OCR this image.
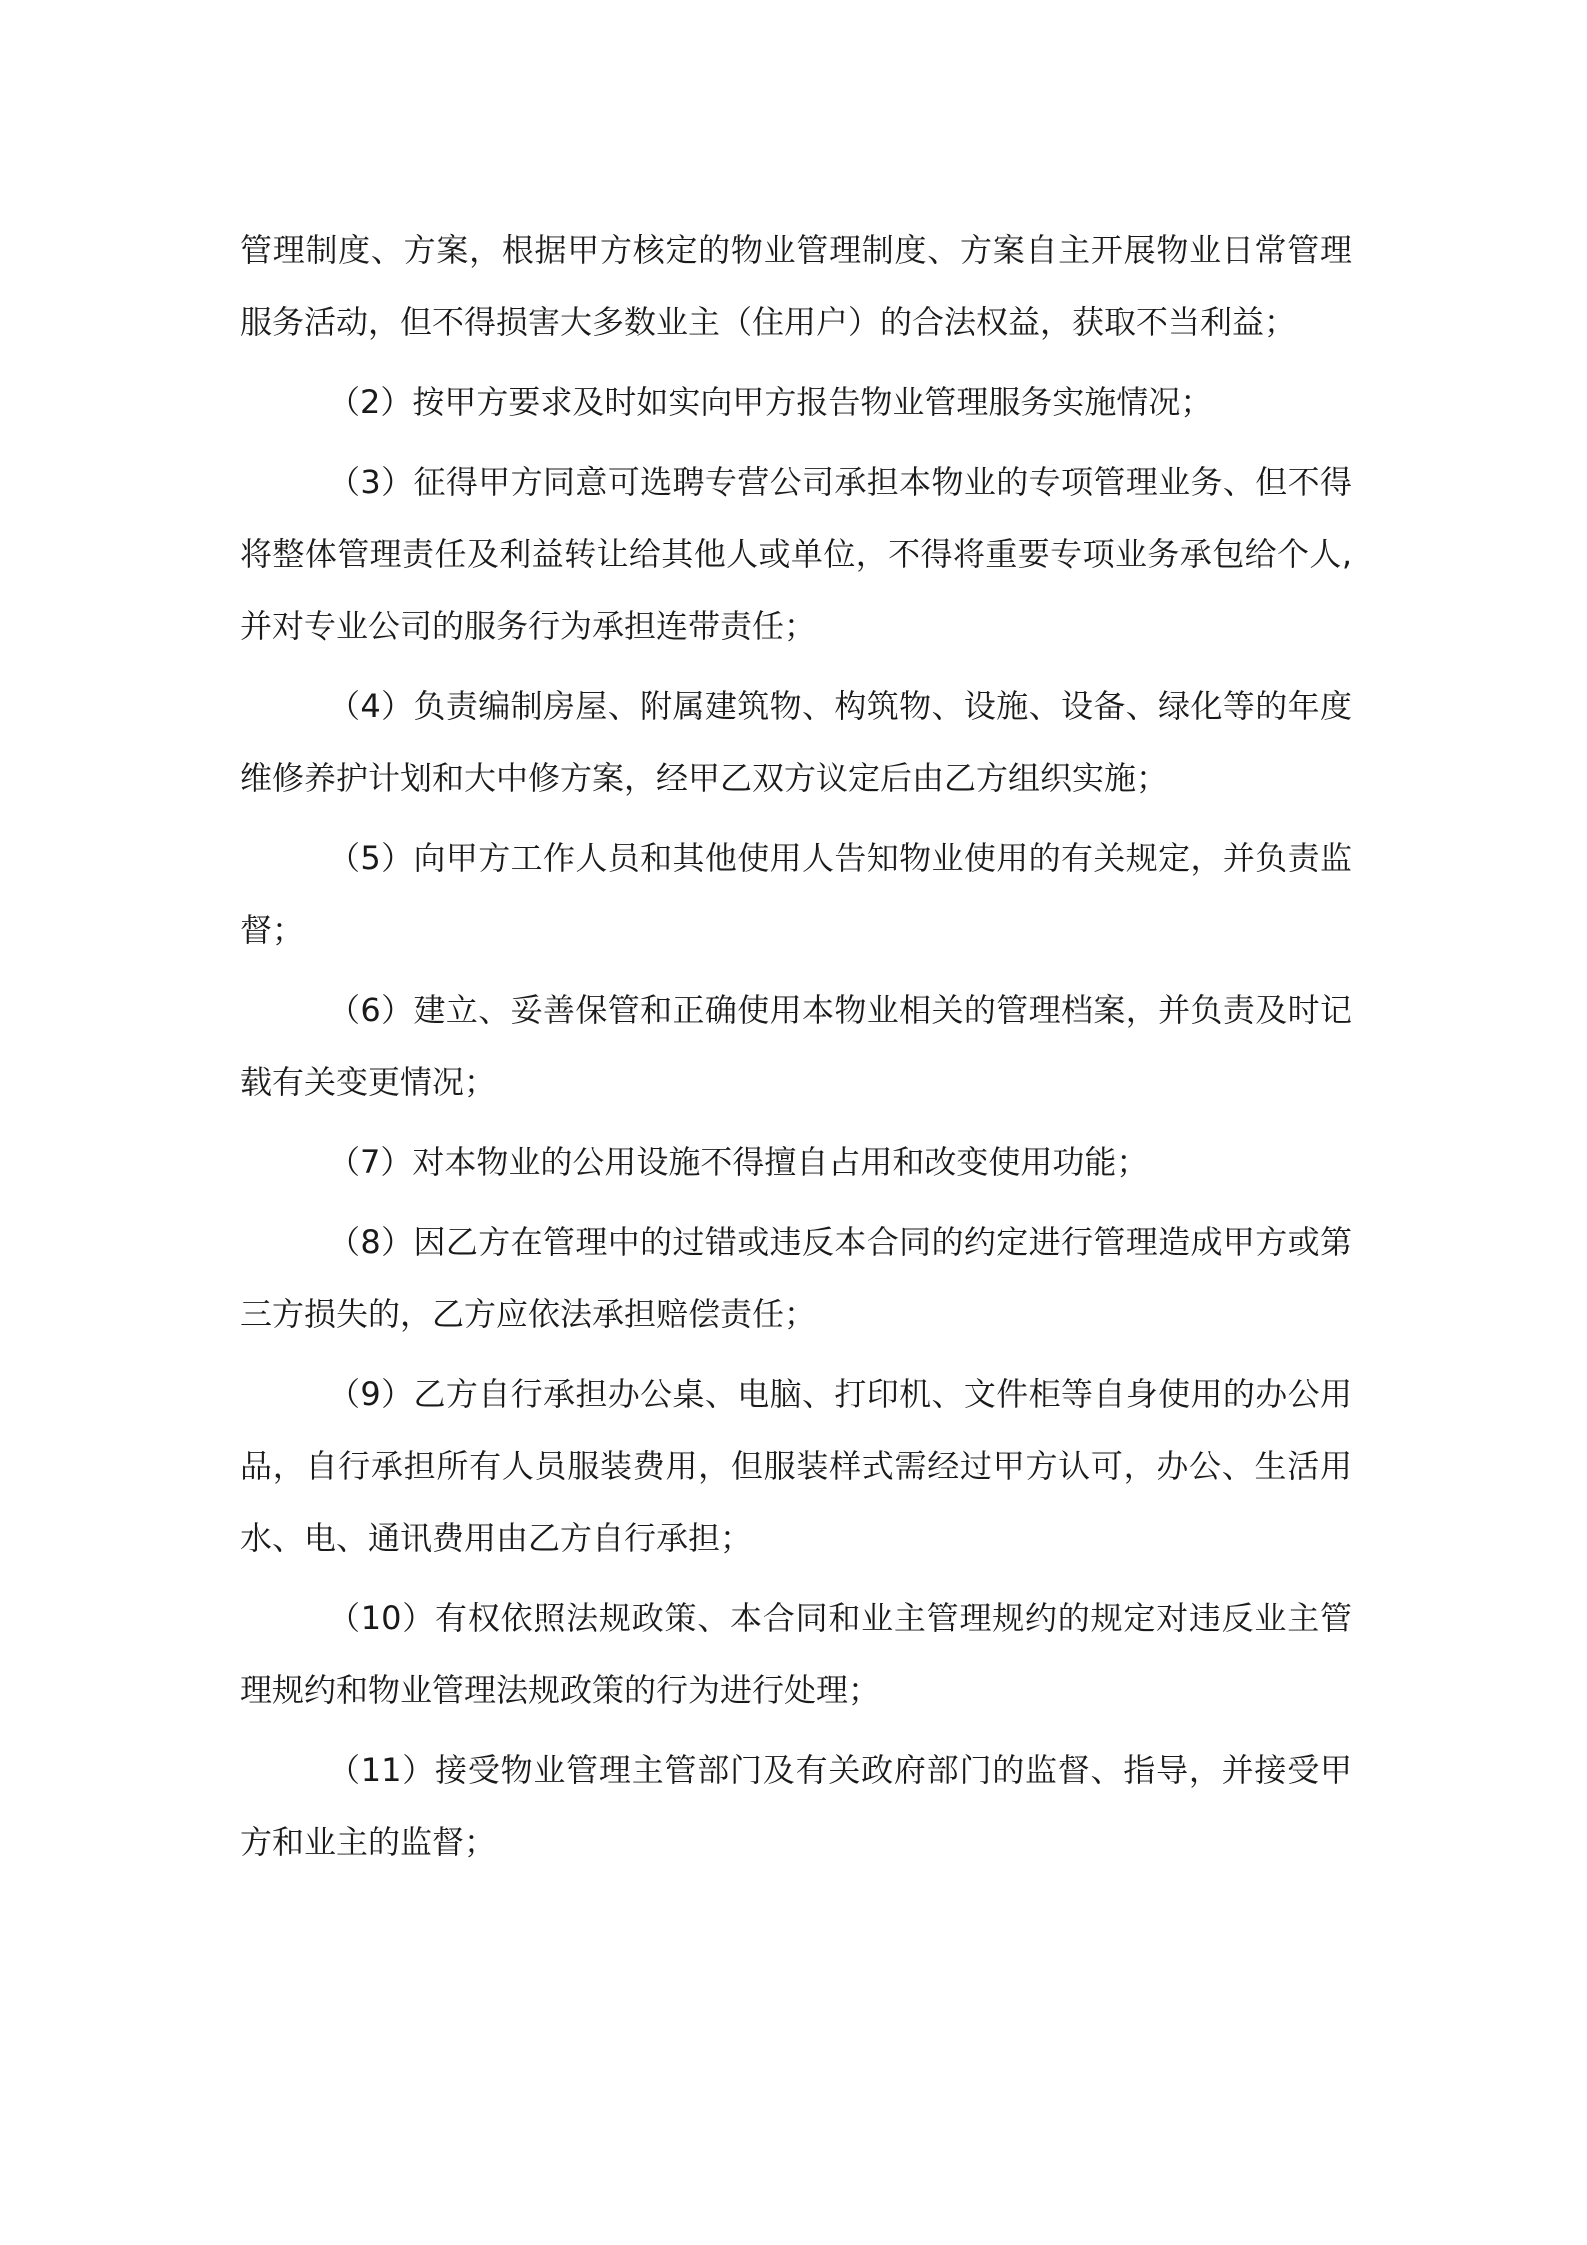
管理制度、方案，根据甲方核定的物业管理制度、方案自主开展物业日常管理服务活动，但不得损害大多数业主（住用户）的合法权益，获取不当利益；

（2）按甲方要求及时如实向甲方报告物业管理服务实施情况；

（3）征得甲方同意可选聘专营公司承担本物业的专项管理业务、但不得将整体管理责任及利益转让给其他人或单位，不得将重要专项业务承包给个人,并对专业公司的服务行为承担连带责任；

（4）负责编制房屋、附属建筑物、构筑物、设施、设备、绿化等的年度维修养护计划和大中修方案，经甲乙双方议定后由乙方组织实施；

（5）向甲方工作人员和其他使用人告知物业使用的有关规定，并负责监督；

（6）建立、妥善保管和正确使用本物业相关的管理档案，并负责及时记载有关变更情况；

（7）对本物业的公用设施不得擅自占用和改变使用功能；

（8）因乙方在管理中的过错或违反本合同的约定进行管理造成甲方或第三方损失的，乙方应依法承担赔偿责任；

（9）乙方自行承担办公桌、电脑、打印机、文件柜等自身使用的办公用品，自行承担所有人员服装费用，但服装样式需经过甲方认可，办公、生活用水、电、通讯费用由乙方自行承担；

（10）有权依照法规政策、本合同和业主管理规约的规定对违反业主管理规约和物业管理法规政策的行为进行处理；

（11）接受物业管理主管部门及有关政府部门的监督、指导，并接受甲方和业主的监督；
